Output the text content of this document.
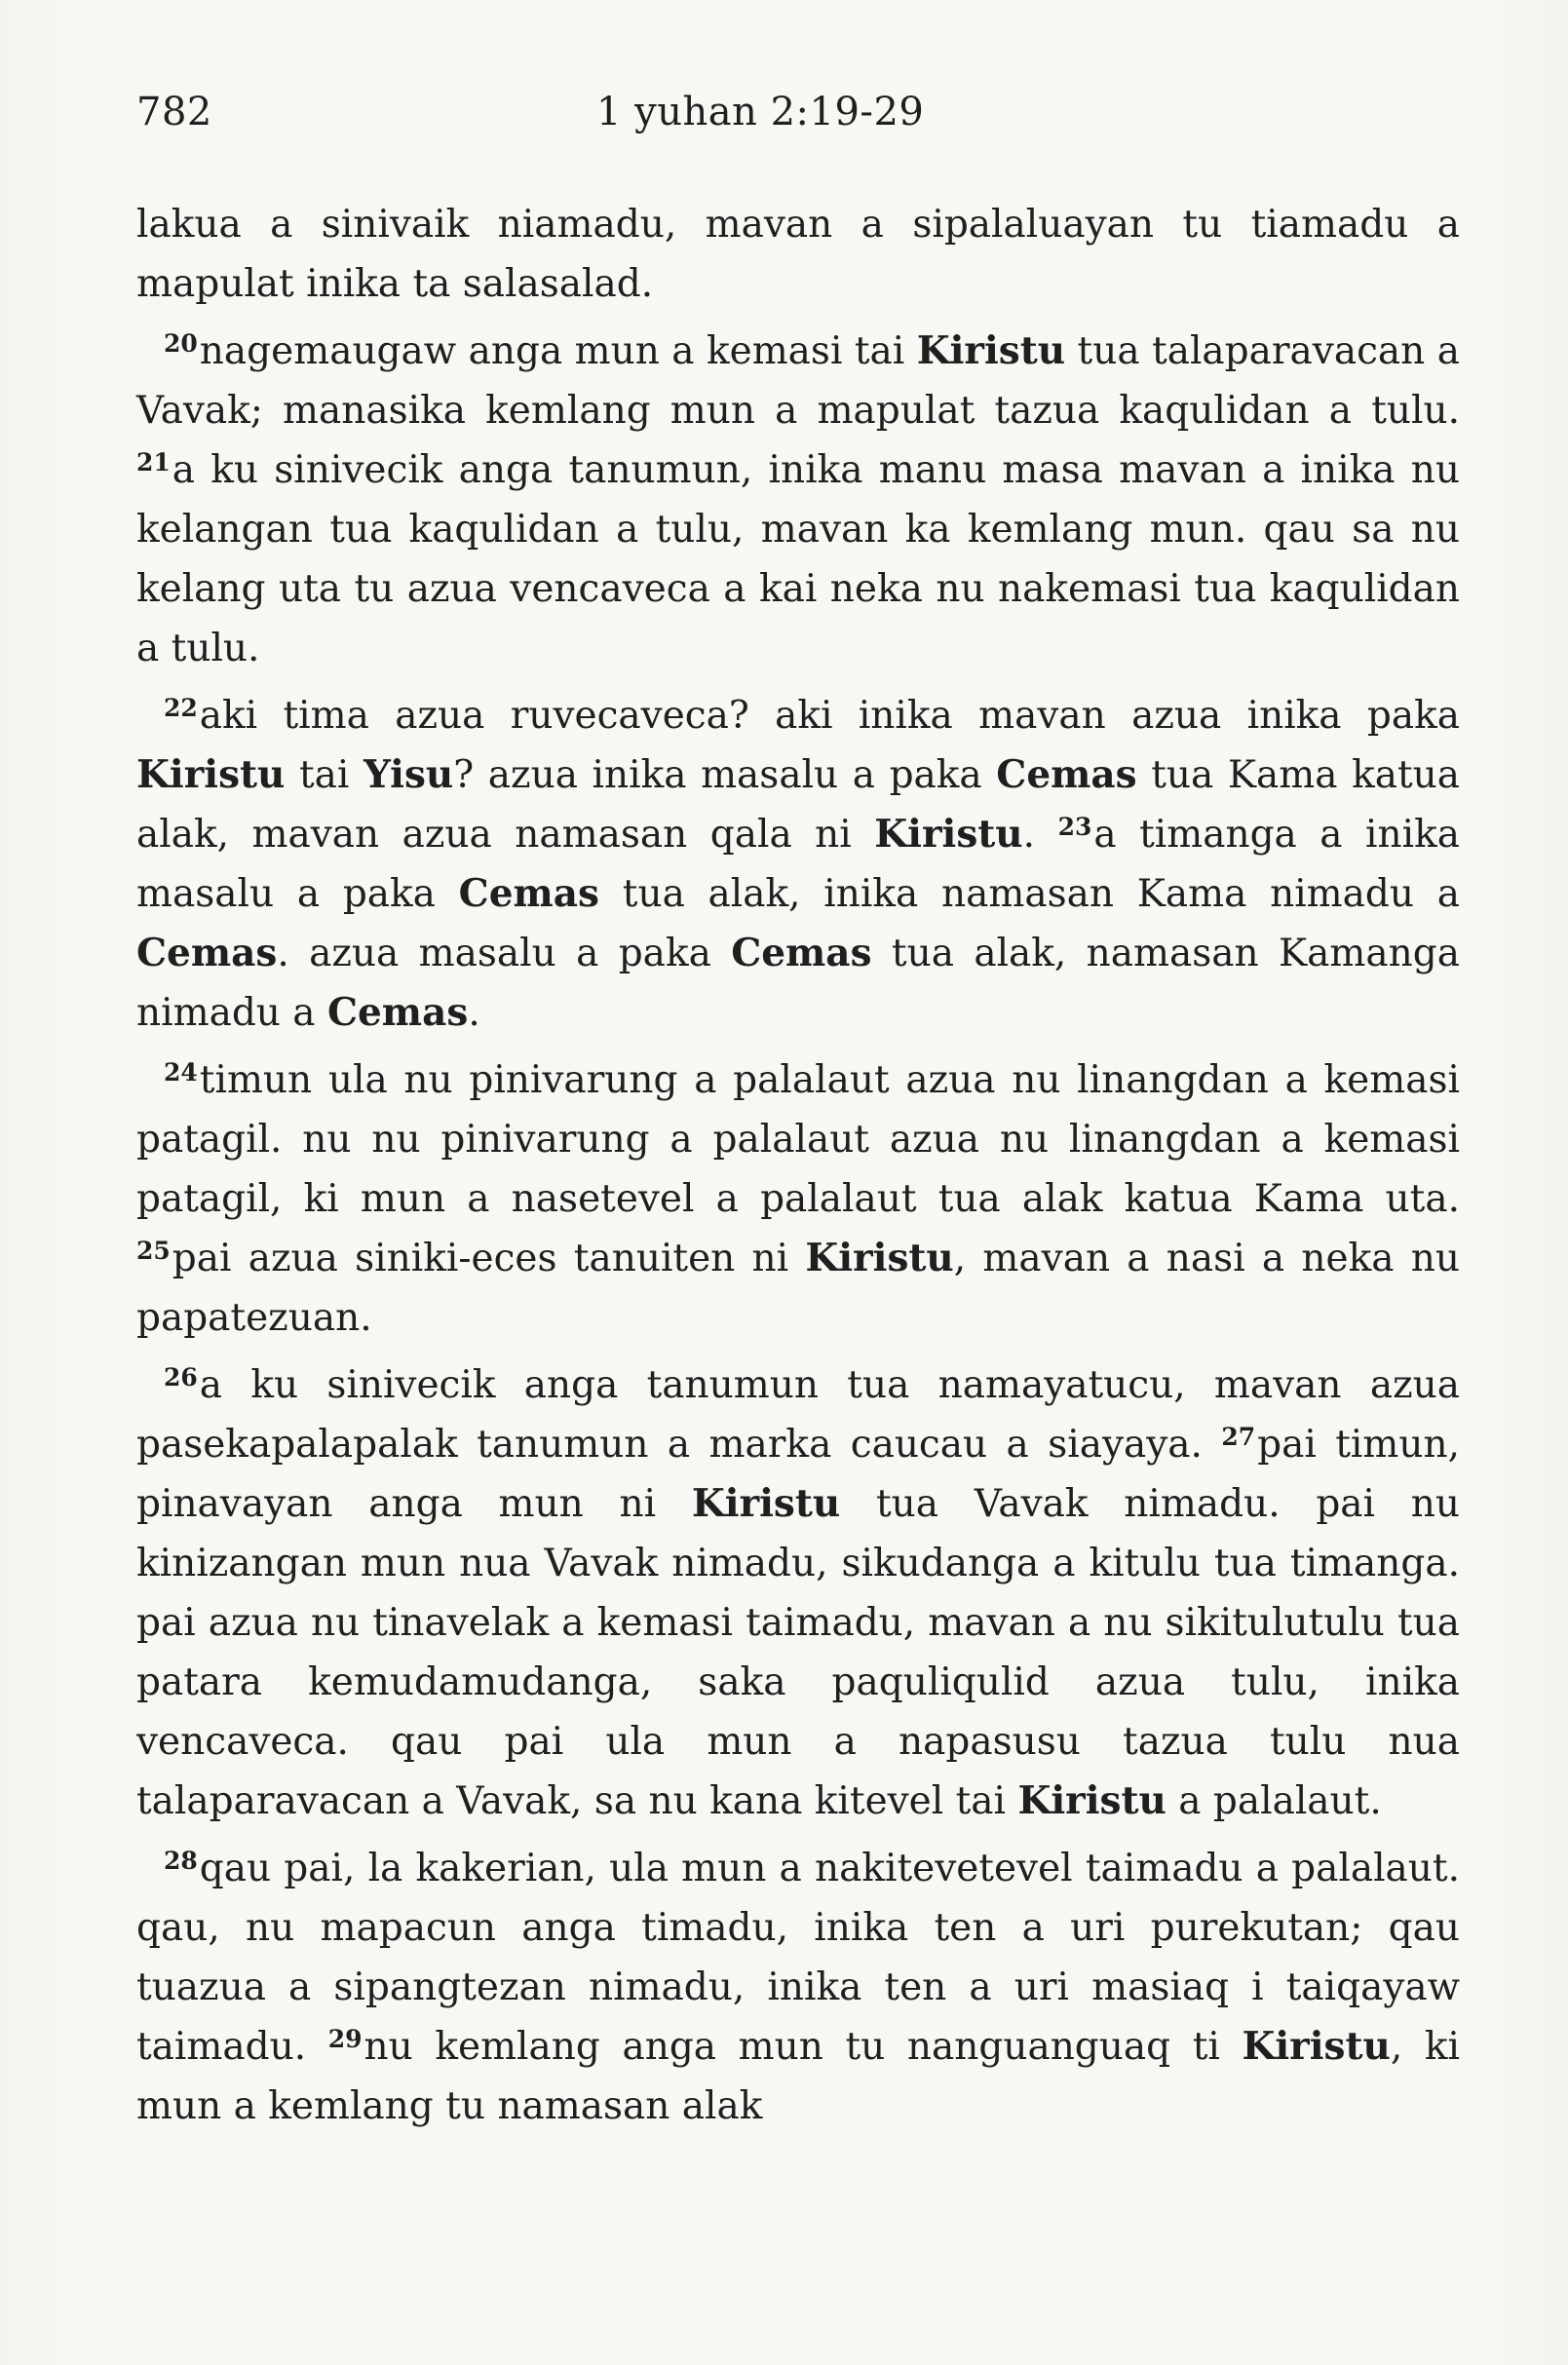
782	1 yuhan 2:19-29

lakua a sinivaik niamadu, mavan a sipalaluayan tu tiamadu a mapulat inika ta salasalad.

$^{20}$nagemaugaw anga mun a kemasi tai Kiristu tua talaparavacan a Vavak; manasika kemlang mun a mapulat tazua kaqulidan a tulu. $^{21}$a ku sinivecik anga tanumun, inika manu masa mavan a inika nu kelangan tua kaqulidan a tulu, mavan ka kemlang mun. qau sa nu kelang uta tu azua vencaveca a kai neka nu nakemasi tua kaqulidan a tulu.

$^{22}$aki tima azua ruvecaveca? aki inika mavan azua inika paka Kiristu tai Yisu? azua inika masalu a paka Cemas tua Kama katua alak, mavan azua namasan qala ni Kiristu. $^{23}$a timanga a inika masalu a paka Cemas tua alak, inika namasan Kama nimadu a Cemas. azua masalu a paka Cemas tua alak, namasan Kamanga nimadu a Cemas.

$^{24}$timun ula nu pinivarung a palalaut azua nu linangdan a kemasi patagil. nu nu pinivarung a palalaut azua nu linangdan a kemasi patagil, ki mun a nasetevel a palalaut tua alak katua Kama uta. $^{25}$pai azua siniki-eces tanuiten ni Kiristu, mavan a nasi a neka nu papatezuan.

$^{26}$a ku sinivecik anga tanumun tua namayatucu, mavan azua pasekapalapalak tanumun a marka caucau a siayaya. $^{27}$pai timun, pinavayan anga mun ni Kiristu tua Vavak nimadu. pai nu kinizangan mun nua Vavak nimadu, sikudanga a kitulu tua timanga. pai azua nu tinavelak a kemasi taimadu, mavan a nu sikitulutulu tua patara kemudamudanga, saka paquliqulid azua tulu, inika vencaveca. qau pai ula mun a napasusu tazua tulu nua talaparavacan a Vavak, sa nu kana kitevel tai Kiristu a palalaut.

$^{28}$qau pai, la kakerian, ula mun a nakitevetevel taimadu a palalaut. qau, nu mapacun anga timadu, inika ten a uri purekutan; qau tuazua a sipangtezan nimadu, inika ten a uri masiaq i taiqayaw taimadu. $^{29}$nu kemlang anga mun tu nanguanguaq ti Kiristu, ki mun a kemlang tu namasan alak
